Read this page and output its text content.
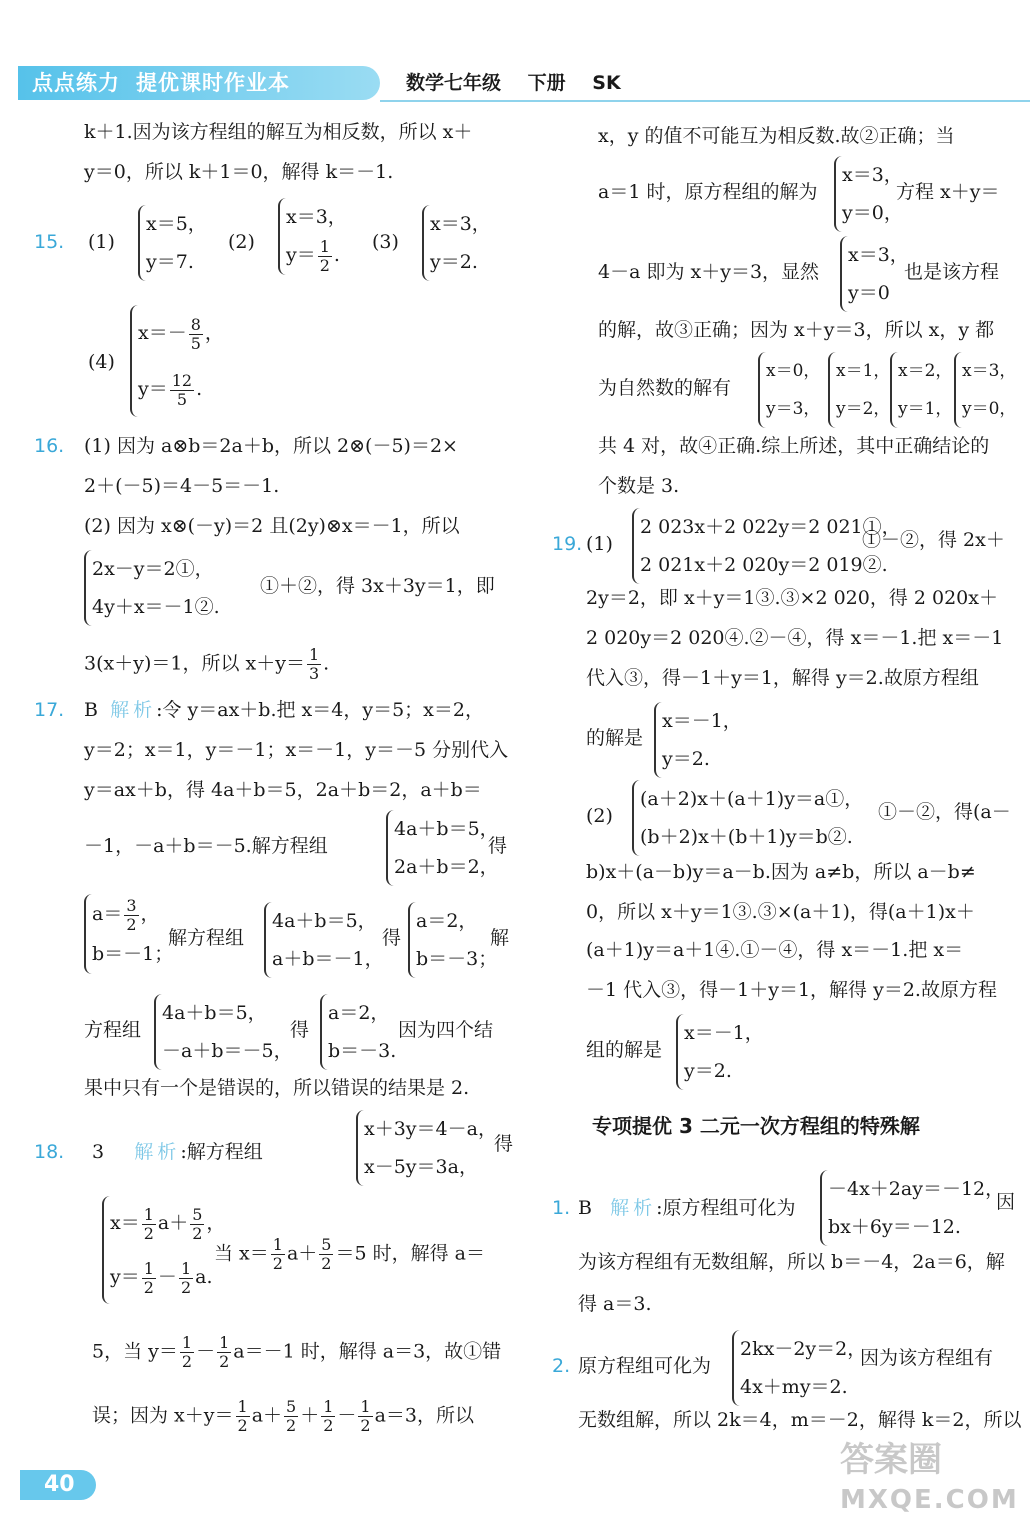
点点练力 提优课时作业本	数学七年级 下册 SK
k＋1.因为该方程组的解互为相反数，所以 x＋
y＝0，所以 k＋1＝0，解得 k＝－1.
15. (1)
x＝5，
y＝7.
(2)
x＝3，
$y= \frac{1}{2}$ .
(3)
x＝3，
y＝2.
(4)
$x=- \frac{8}{5}$ ，
$y= \frac{12}{5}$ .
16. (1) 因为 a⊗b＝2a＋b，所以 2⊗(－5)＝2×
2＋(－5)＝4－5＝－1.
(2) 因为 x⊗(－y)＝2 且(2y)⊗x＝－1，所以
2x－y＝2①，
4y＋x＝－1②.
①＋②，得 3x＋3y＝1，即
3(x＋y)＝1，所以 $x+y= \frac{1}{3}$ .
17. B 解析:令 y＝ax＋b.把 x＝4，y＝5；x＝2，
y＝2；x＝1，y＝－1；x＝－1，y＝－5 分别代入
y＝ax＋b，得 4a＋b＝5，2a＋b＝2，a＋b＝
－1，－a＋b＝－5.解方程组
4a＋b＝5，
2a＋b＝2，
得
$a= \frac{3}{2}$ ，
b＝－1；
解方程组
4a＋b＝5，
a＋b＝－1，
得
a＝2，
b＝－3；
解
方程组
4a＋b＝5，
－a＋b＝－5，
得
a＝2，
b＝－3.
因为四个结
果中只有一个是错误的，所以错误的结果是 2.
18. 3 解析:解方程组
x＋3y＝4－a，
x－5y＝3a，
得
$x= \frac{1}{2} a+ \frac{5}{2}$ ，
$y= \frac{1}{2} - \frac{1}{2} a$.
当 $x= \frac{1}{2} a+ \frac{5}{2} =5$ 时，解得 a＝
5，当 $y= \frac{1}{2} - \frac{1}{2} a=-1$ 时，解得 a＝3，故①错
误；因为 $x+y= \frac{1}{2} a+ \frac{5}{2} + \frac{1}{2} - \frac{1}{2} a=3$，所以
x，y 的值不可能互为相反数.故②正确；当
a＝1 时，原方程组的解为
x＝3，
y＝0，
方程 x＋y＝
4－a 即为 x＋y＝3，显然
x＝3，
y＝0
也是该方程
的解，故③正确；因为 x＋y＝3，所以 x，y 都
为自然数的解有
x＝0，
y＝3，
x＝1，
y＝2，
x＝2，
y＝1，
x＝3，
y＝0，
共 4 对，故④正确.综上所述，其中正确结论的
个数是 3.
19. (1)
2 023x＋2 022y＝2 021①，
2 021x＋2 020y＝2 019②.
①－②，得 2x＋
2y＝2，即 x＋y＝1③.③×2 020，得 2 020x＋
2 020y＝2 020④.②－④，得 x＝－1.把 x＝－1
代入③，得－1＋y＝1，解得 y＝2.故原方程组
的解是
x＝－1，
y＝2.
(2)
(a＋2)x＋(a＋1)y＝a①，
(b＋2)x＋(b＋1)y＝b②.
①－②，得(a－
b)x＋(a－b)y＝a－b.因为 a≠b，所以 a－b≠
0，所以 x＋y＝1③.③×(a＋1)，得(a＋1)x＋
(a＋1)y＝a＋1④.①－④，得 x＝－1.把 x＝
－1 代入③，得－1＋y＝1，解得 y＝2.故原方程
组的解是
x＝－1，
y＝2.
专项提优 3 二元一次方程组的特殊解
1. B 解析:原方程组可化为
－4x＋2ay＝－12，
bx＋6y＝－12.
因
为该方程组有无数组解，所以 b＝－4，2a＝6，解
得 a＝3.
2. 原方程组可化为
2kx－2y＝2，
4x＋my＝2.
因为该方程组有
无数组解，所以 2k＝4，m＝－2，解得 k＝2，所以
40
答案圈
MXQE.COM
